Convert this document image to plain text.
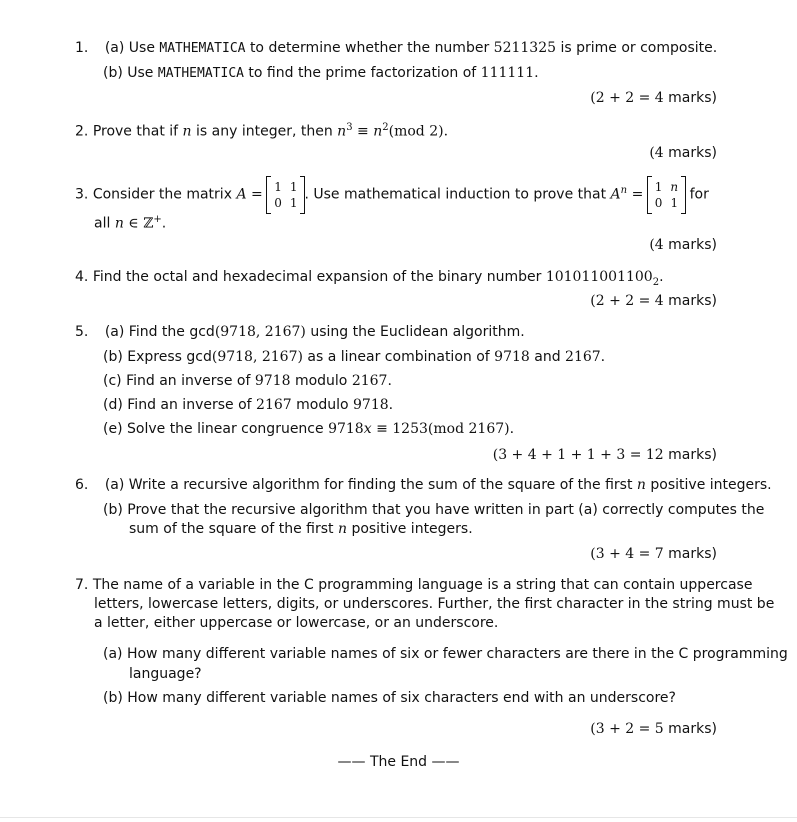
1. (a) Use MATHEMATICA to determine whether the number 5211325 is prime or composite.
(b) Use MATHEMATICA to find the prime factorization of 111111.
(2 + 2 = 4 marks)
2. Prove that if n is any integer, then $n^3 \equiv n^2(mod$ 2).
(4 marks)
3. Consider the matrix A = 1	1
0	1 . Use mathematical induction to prove that $A^n = 1$	n
0	1 for
all n ∈ ℤ+.
(4 marks)
4. Find the octal and hexadecimal expansion of the binary number $101011001100_2$.
(2 + 2 = 4 marks)
5. (a) Find the gcd(9718, 2167) using the Euclidean algorithm.
(b) Express gcd(9718, 2167) as a linear combination of 9718 and 2167.
(c) Find an inverse of 9718 modulo 2167.
(d) Find an inverse of 2167 modulo 9718.
(e) Solve the linear congruence 9718x ≡ 1253(mod 2167).
(3 + 4 + 1 + 1 + 3 = 12 marks)
6. (a) Write a recursive algorithm for finding the sum of the square of the first n positive integers.
(b) Prove that the recursive algorithm that you have written in part (a) correctly computes the
sum of the square of the first n positive integers.
(3 + 4 = 7 marks)
7. The name of a variable in the C programming language is a string that can contain uppercase
letters, lowercase letters, digits, or underscores. Further, the first character in the string must be
a letter, either uppercase or lowercase, or an underscore.
(a) How many different variable names of six or fewer characters are there in the C programming
language?
(b) How many different variable names of six characters end with an underscore?
(3 + 2 = 5 marks)
—— The End ——
